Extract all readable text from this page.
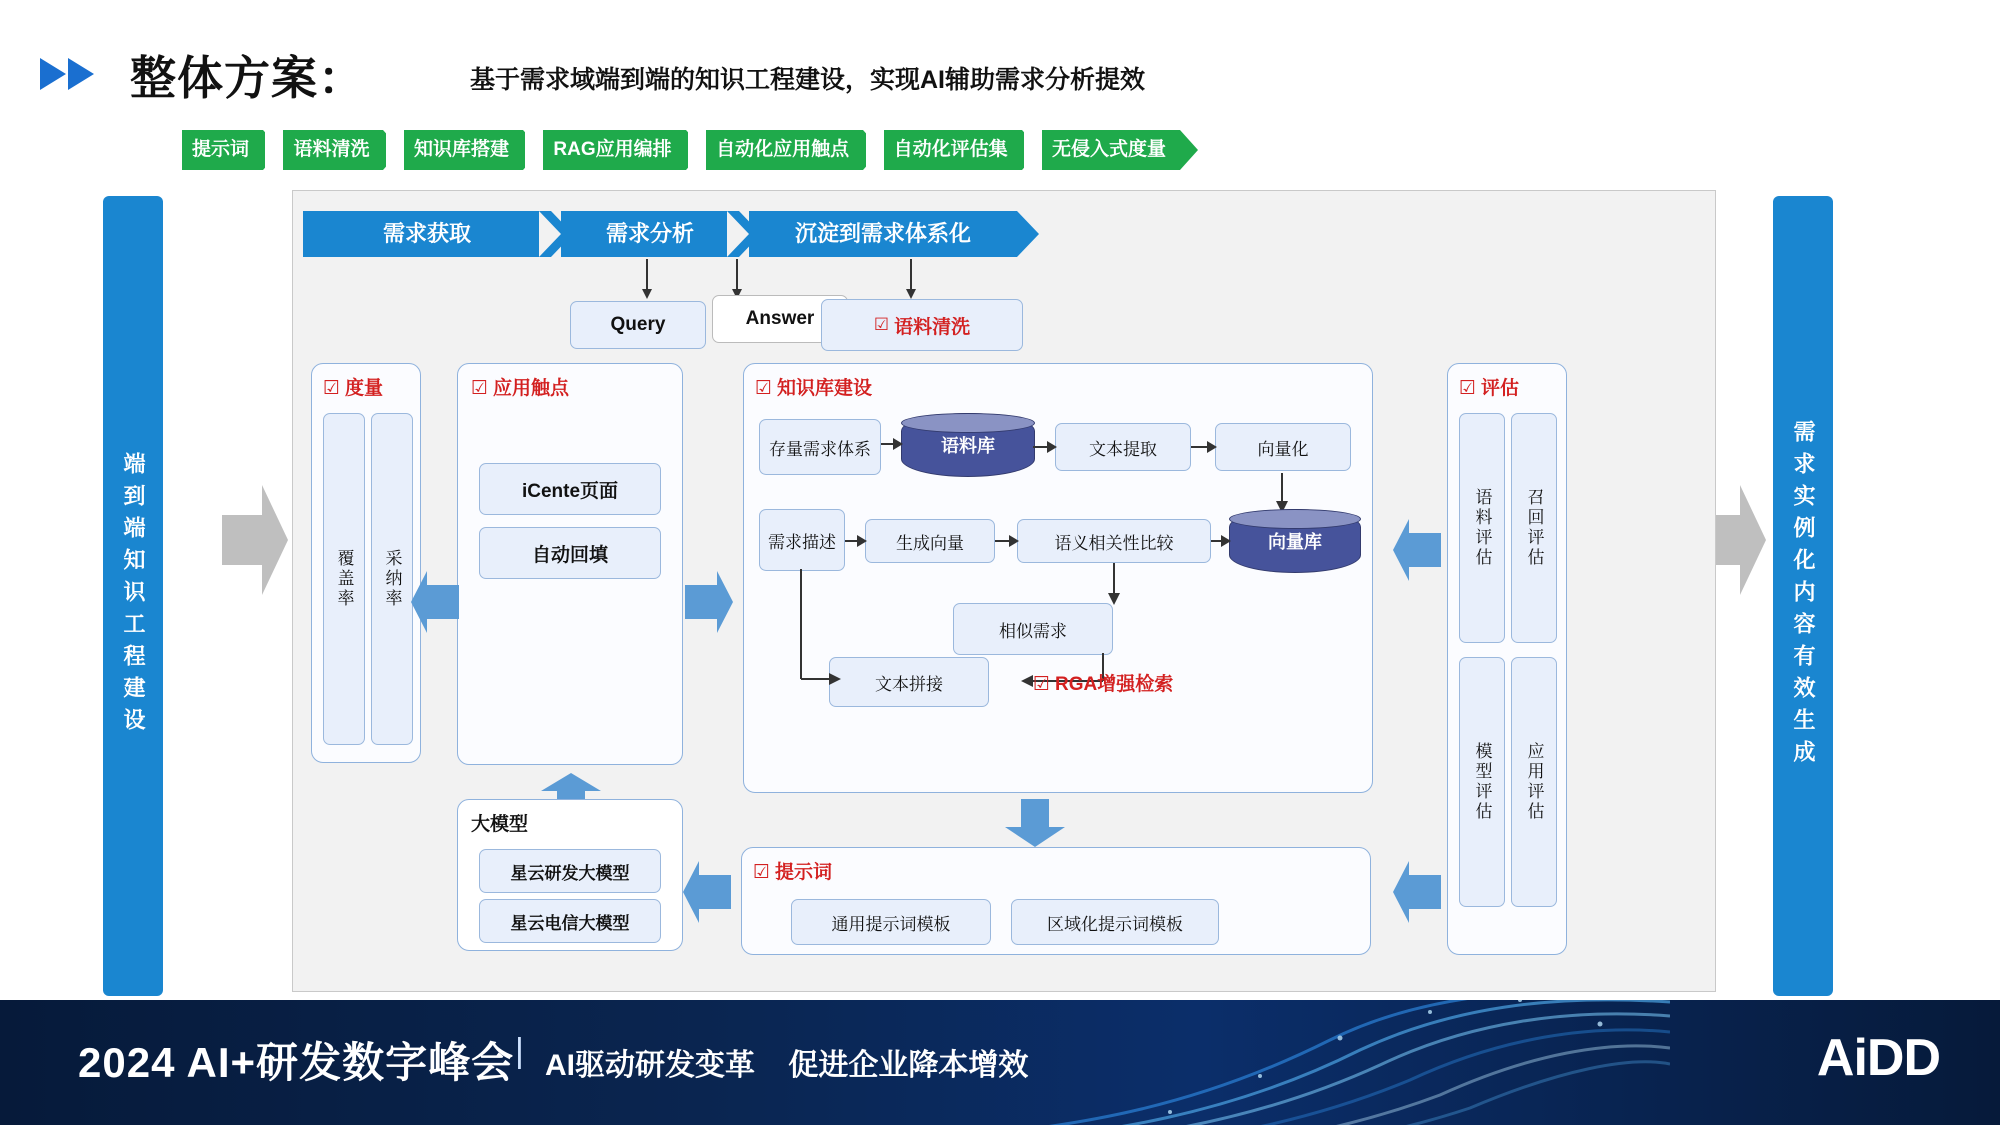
整体方案：	基于需求域端到端的知识工程建设，实现AI辅助需求分析提效
提示词 语料清洗 知识库搭建 RAG应用编排 自动化应用触点 自动化评估集 无侵入式度量
端到端知识工程建设	需求实例化内容有效生成
需求获取	需求分析	沉淀到需求体系化
Query	Answer	☑ 语料清洗
☑ 度量
覆盖率 采纳率
☑ 应用触点
iCente页面
自动回填
大模型
星云研发大模型
星云电信大模型
☑ 知识库建设
存量需求体系	语料库	文本提取	向量化
需求描述	生成向量	语义相关性比较	向量库
相似需求
文本拼接	☑ RGA增强检索
☑ 提示词
通用提示词模板	区域化提示词模板
☑ 评估
语料评估 召回评估
模型评估 应用评估
2024 AI+研发数字峰会 | AI驱动研发变革 促进企业降本增效	AiDD
